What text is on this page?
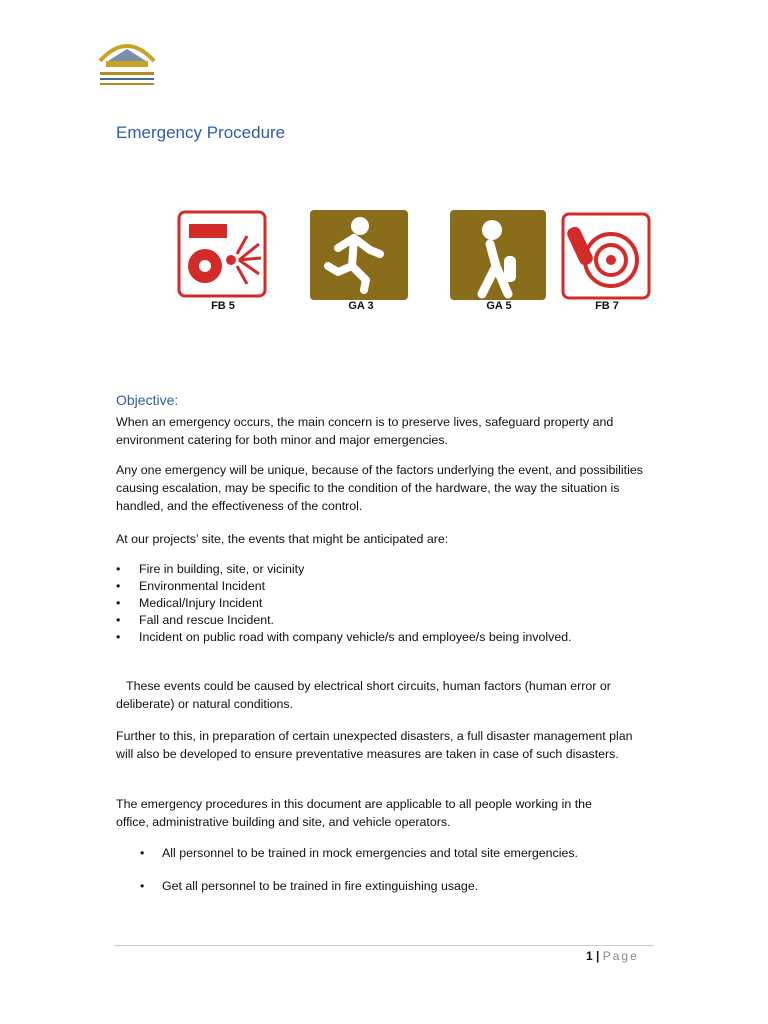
Emergency Procedure
FB 5	GA 3	GA 5	FB 7
Objective:
When an emergency occurs, the main concern is to preserve lives, safeguard property and environment catering for both minor and major emergencies.
Any one emergency will be unique, because of the factors underlying the event, and possibilities causing escalation, may be specific to the condition of the hardware, the way the situation is handled, and the effectiveness of the control.
At our projects’ site, the events that might be anticipated are:
• Fire in building, site, or vicinity
• Environmental Incident
• Medical/Injury Incident
• Fall and rescue Incident.
• Incident on public road with company vehicle/s and employee/s being involved.
These events could be caused by electrical short circuits, human factors (human error or deliberate) or natural conditions.
Further to this, in preparation of certain unexpected disasters, a full disaster management plan will also be developed to ensure preventative measures are taken in case of such disasters.
The emergency procedures in this document are applicable to all people working in the office, administrative building and site, and vehicle operators.
• All personnel to be trained in mock emergencies and total site emergencies.
• Get all personnel to be trained in fire extinguishing usage.
1 | Page
